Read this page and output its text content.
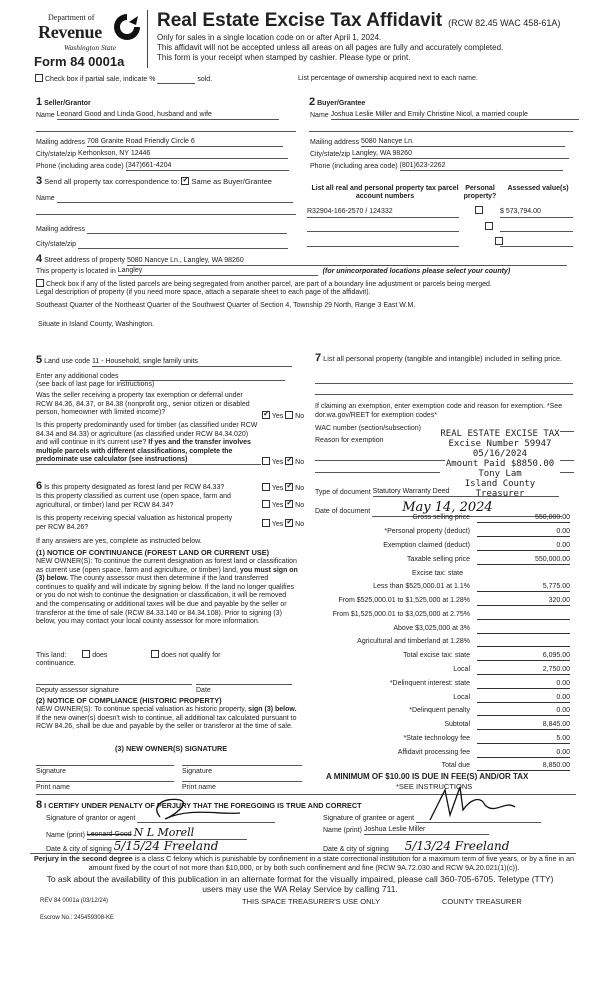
Department of
Revenue
Washington State
Form 84 0001a
Real Estate Excise Tax Affidavit (RCW 82.45 WAC 458-61A)
Only for sales in a single location code on or after April 1, 2024.
This affidavit will not be accepted unless all areas on all pages are fully and accurately completed.
This form is your receipt when stamped by cashier. Please type or print.
Check box if partial sale, indicate %	sold.	List percentage of ownership acquired next to each name.
1 Seller/Grantor
Name Leonard Good and Linda Good, husband and wife
Mailing address 708 Granite Road Friendly Circle 6
City/state/zip Kerhonkson, NY 12446
Phone (including area code) (347)661-4204
2 Buyer/Grantee
Name Joshua Leslie Miller and Emily Christine Nicol, a married couple
Mailing address 5080 Nancye Ln.
City/state/zip Langley, WA 98260
Phone (including area code) (801)623-2262
3 Send all property tax correspondence to: ✓ Same as Buyer/Grantee
Name
Mailing address
City/state/zip
List all real and personal property tax parcel account numbers
Personal property?
Assessed value(s)
R32904-166-2570 / 124332
	$ 573,794.00

4 Street address of property 5080 Nancye Ln., Langley, WA 98260
This property is located in Langley	(for unincorporated locations please select your county)
Check box if any of the listed parcels are being segregated from another parcel, are part of a boundary line adjustment or parcels being merged.
Legal description of property (if you need more space, attach a separate sheet to each page of the affidavit).
Southeast Quarter of the Northeast Quarter of the Southwest Quarter of Section 4, Township 29 North, Range 3 East W.M.
Situate in Island County, Washington.
5 Land use code 11 - Household, single family units
Enter any additional codes
(see back of last page for instructions)
Was the seller receiving a property tax exemption or deferral under RCW 84.36, 84.37, or 84.38 (nonprofit org., senior citizen or disabled person, homeowner with limited income)?
✓ Yes No
Is this property predominantly used for timber (as classified under RCW 84.34 and 84.33) or agriculture (as classified under RCW 84.34.020) and will continue in it's current use? If yes and the transfer involves multiple parcels with different classifications, complete the predominate use calculator (see instructions)	Yes ✓ No
6 Is this property designated as forest land per RCW 84.33?	Yes ✓ No
Is this property classified as current use (open space, farm and agricultural, or timber) land per RCW 84.34?	Yes ✓ No
Is this property receiving special valuation as historical property per RCW 84.26?	Yes ✓ No
If any answers are yes, complete as instructed below.
(1) NOTICE OF CONTINUANCE (FOREST LAND OR CURRENT USE)
NEW OWNER(S): To continue the current designation as forest land or classification as current use (open space, farm and agriculture, or timber) land, you must sign on (3) below. The county assessor must then determine if the land transferred continues to qualify and will indicate by signing below. If the land no longer qualifies or you do not wish to continue the designation or classification, it will be removed and the compensating or additional taxes will be due and payable by the seller or transferor at the time of sale (RCW 84.33.140 or 84.34.108). Prior to signing (3) below, you may contact your local county assessor for more information.
This land:	does	does not qualify for
continuance.
Deputy assessor signature	Date
(2) NOTICE OF COMPLIANCE (HISTORIC PROPERTY)
NEW OWNER(S): To continue special valuation as historic property, sign (3) below. If the new owner(s) doesn't wish to continue, all additional tax calculated pursuant to RCW 84.26, shall be due and payable by the seller or transferor at the time of sale.
(3) NEW OWNER(S) SIGNATURE
Signature	Signature
Print name	Print name
7 List all personal property (tangible and intangible) included in selling price.
If claiming an exemption, enter exemption code and reason for exemption. *See dor.wa.gov/REET for exemption codes*
WAC number (section/subsection)
Reason for exemption
REAL ESTATE EXCISE TAX
Excise Number 59947
05/16/2024
Amount Paid $8850.00
Tony Lam
Island County Treasurer
Type of document Statutory Warranty Deed
Date of document May 14, 2024
Gross selling price	550,000.00
*Personal property (deduct)	0.00
Exemption claimed (deduct)	0.00
Taxable selling price	550,000.00
Excise tax: state
Less than $525,000.01 at 1.1%	5,775.00
From $525,000.01 to $1,525,000 at 1.28%	320.00
From $1,525,000.01 to $3,025,000 at 2.75%
Above $3,025,000 at 3%
Agricultural and timberland at 1.28%
Total excise tax: state	6,095.00
Local	2,750.00
*Delinquent interest: state	0.00
Local	0.00
*Delinquent penalty	0.00
Subtotal	8,845.00
*State technology fee	5.00
Affidavit processing fee	0.00
Total due	8,850.00
A MINIMUM OF $10.00 IS DUE IN FEE(S) AND/OR TAX
*SEE INSTRUCTIONS
8 I CERTIFY UNDER PENALTY OF PERJURY THAT THE FOREGOING IS TRUE AND CORRECT
Signature of grantor or agent
Name (print) Leonard Good N L Morell
Date & city of signing 5/15/24 Freeland
Signature of grantee or agent
Name (print) Joshua Leslie Miller
Date & city of signing 5/13/24 Freeland
Perjury in the second degree is a class C felony which is punishable by confinement in a state correctional institution for a maximum term of five years, or by a fine in an amount fixed by the court of not more than $10,000, or by both such confinement and fine (RCW 9A.72.030 and RCW 9A.20.021(1)(c)).
To ask about the availability of this publication in an alternate format for the visually impaired, please call 360-705-6705. Teletype (TTY) users may use the WA Relay Service by calling 711.
REV 84 0001a (03/12/24)	THIS SPACE TREASURER'S USE ONLY	COUNTY TREASURER
Escrow No.: 245459308-KE
